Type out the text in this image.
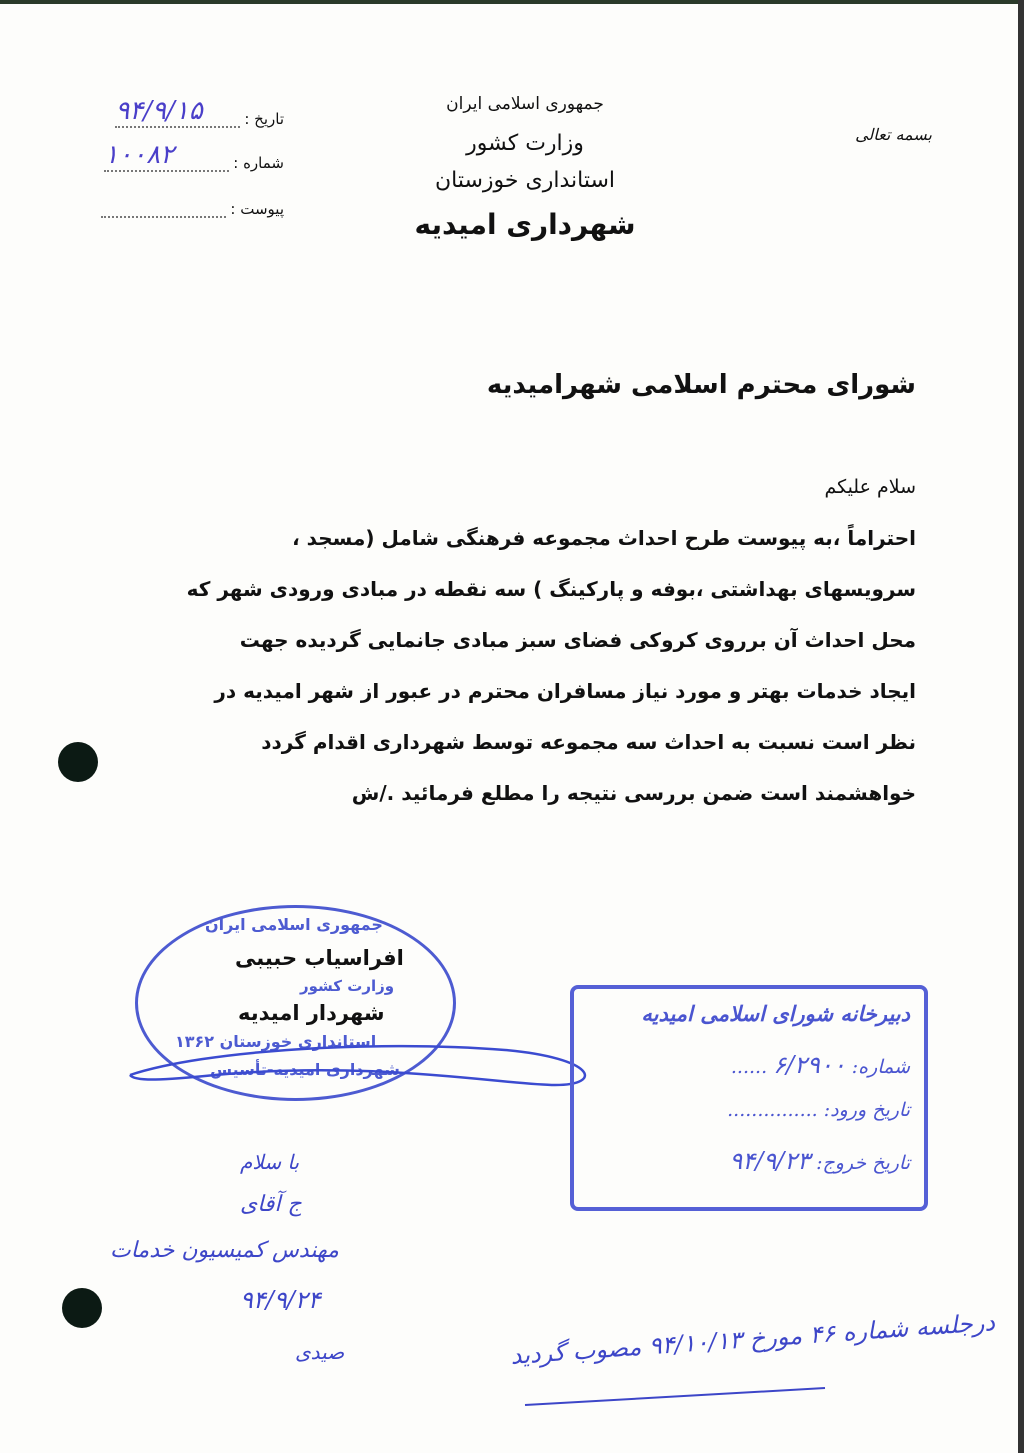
بسمه تعالی
جمهوری اسلامی ایران
وزارت کشور
استانداری خوزستان
شهرداری امیدیه
تاریخ :
۹۴/۹/۱۵
شماره :
۱۰۰۸۲
پیوست :
شورای محترم اسلامی شهرامیدیه
سلام علیکم
احتراماً ،به پیوست طرح احداث مجموعه فرهنگی شامل (مسجد ،
سرویسهای بهداشتی ،بوفه و پارکینگ ) سه نقطه در مبادی ورودی شهر که
محل احداث آن برروی کروکی فضای سبز مبادی جانمایی گردیده جهت
ایجاد خدمات بهتر و مورد نیاز مسافران محترم در عبور از شهر امیدیه در
نظر است نسبت به احداث سه مجموعه توسط شهرداری اقدام گردد
خواهشمند است ضمن بررسی نتیجه را مطلع فرمائید ./ش
جمهوری اسلامی ایران
افراسیاب حبیبی
وزارت کشور
شهردار امیدیه
استانداری خوزستان ۱۳۶۲
شهرداری امیدیه-تأسیس
دبیرخانه شورای اسلامی امیدیه
شماره: ۶/۲۹۰۰ ......
تاریخ ورود: ...............
تاریخ خروج: ۹۴/۹/۲۳
با سلام
ج آقای
مهندس کمیسیون خدمات
۹۴/۹/۲۴
صیدی	درجلسه شماره ۴۶ مورخ ۹۴/۱۰/۱۳ مصوب گردید
